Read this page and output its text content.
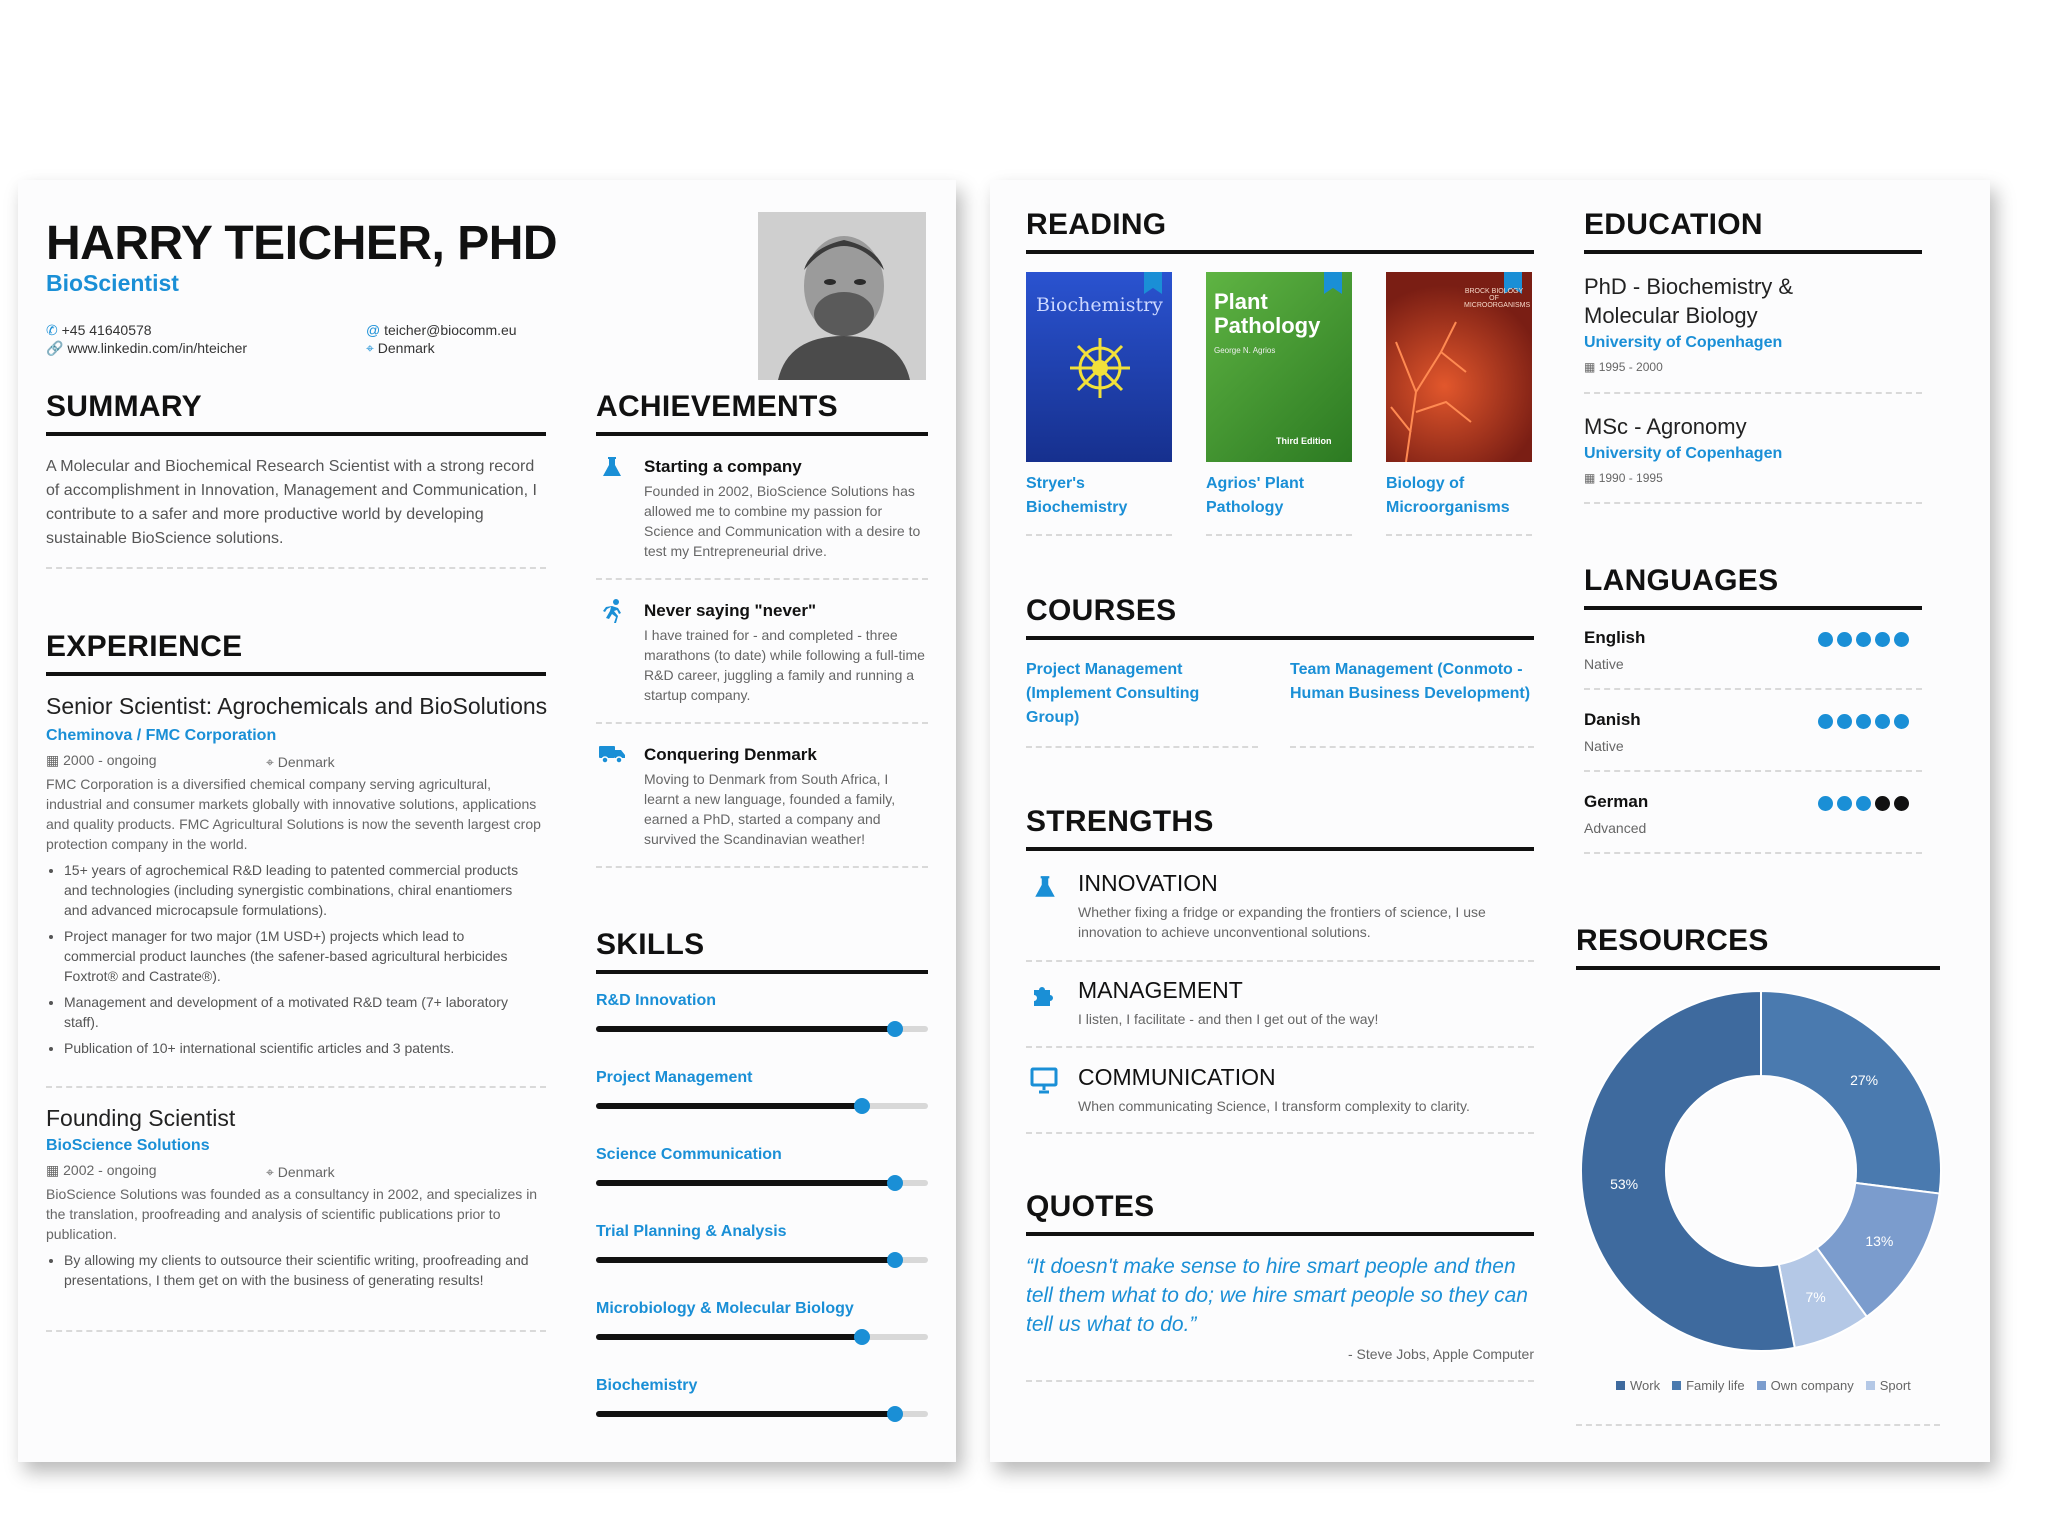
HARRY TEICHER, PHD
BioScientist
✆ +45 41640578
🔗 www.linkedin.com/in/hteicher
@ teicher@biocomm.eu
⌖ Denmark
SUMMARY
A Molecular and Biochemical Research Scientist with a strong record of accomplishment in Innovation, Management and Communication, I contribute to a safer and more productive world by developing sustainable BioScience solutions.
EXPERIENCE
Senior Scientist: Agrochemicals and BioSolutions
Cheminova / FMC Corporation
▦ 2000 - ongoing	⌖ Denmark
FMC Corporation is a diversified chemical company serving agricultural, industrial and consumer markets globally with innovative solutions, applications and quality products. FMC Agricultural Solutions is now the seventh largest crop protection company in the world.
• 15+ years of agrochemical R&D leading to patented commercial products and technologies (including synergistic combinations, chiral enantiomers and advanced microcapsule formulations).
• Project manager for two major (1M USD+) projects which lead to commercial product launches (the safener-based agricultural herbicides Foxtrot® and Castrate®).
• Management and development of a motivated R&D team (7+ laboratory staff).
• Publication of 10+ international scientific articles and 3 patents.
Founding Scientist
BioScience Solutions
▦ 2002 - ongoing	⌖ Denmark
BioScience Solutions was founded as a consultancy in 2002, and specializes in the translation, proofreading and analysis of scientific publications prior to publication.
• By allowing my clients to outsource their scientific writing, proofreading and presentations, I them get on with the business of generating results!
ACHIEVEMENTS
Starting a company
Founded in 2002, BioScience Solutions has allowed me to combine my passion for Science and Communication with a desire to test my Entrepreneurial drive.
Never saying "never"
I have trained for - and completed - three marathons (to date) while following a full-time R&D career, juggling a family and running a startup company.
Conquering Denmark
Moving to Denmark from South Africa, I learnt a new language, founded a family, earned a PhD, started a company and survived the Scandinavian weather!
SKILLS
R&D Innovation
Project Management
Science Communication
Trial Planning & Analysis
Microbiology & Molecular Biology
Biochemistry
READING
Biochemistry Plant Pathology
George N. Agrios
Third Edition
BROCK BIOLOGY OF MICROORGANISMS
Stryer's Biochemistry
Agrios' Plant Pathology
Biology of Microorganisms
COURSES
Project Management (Implement Consulting Group)
Team Management (Conmoto - Human Business Development)
STRENGTHS
INNOVATION
Whether fixing a fridge or expanding the frontiers of science, I use innovation to achieve unconventional solutions.
MANAGEMENT
I listen, I facilitate - and then I get out of the way!
COMMUNICATION
When communicating Science, I transform complexity to clarity.
QUOTES
“It doesn't make sense to hire smart people and then tell them what to do; we hire smart people so they can tell us what to do.”
- Steve Jobs, Apple Computer
EDUCATION
PhD - Biochemistry & Molecular Biology
University of Copenhagen
▦ 1995 - 2000
MSc - Agronomy
University of Copenhagen
▦ 1990 - 1995
LANGUAGES
RESOURCES
27%
13%
7%
53%
Work Family life Own company Sport
English
Native
Danish
Native
German
Advanced
